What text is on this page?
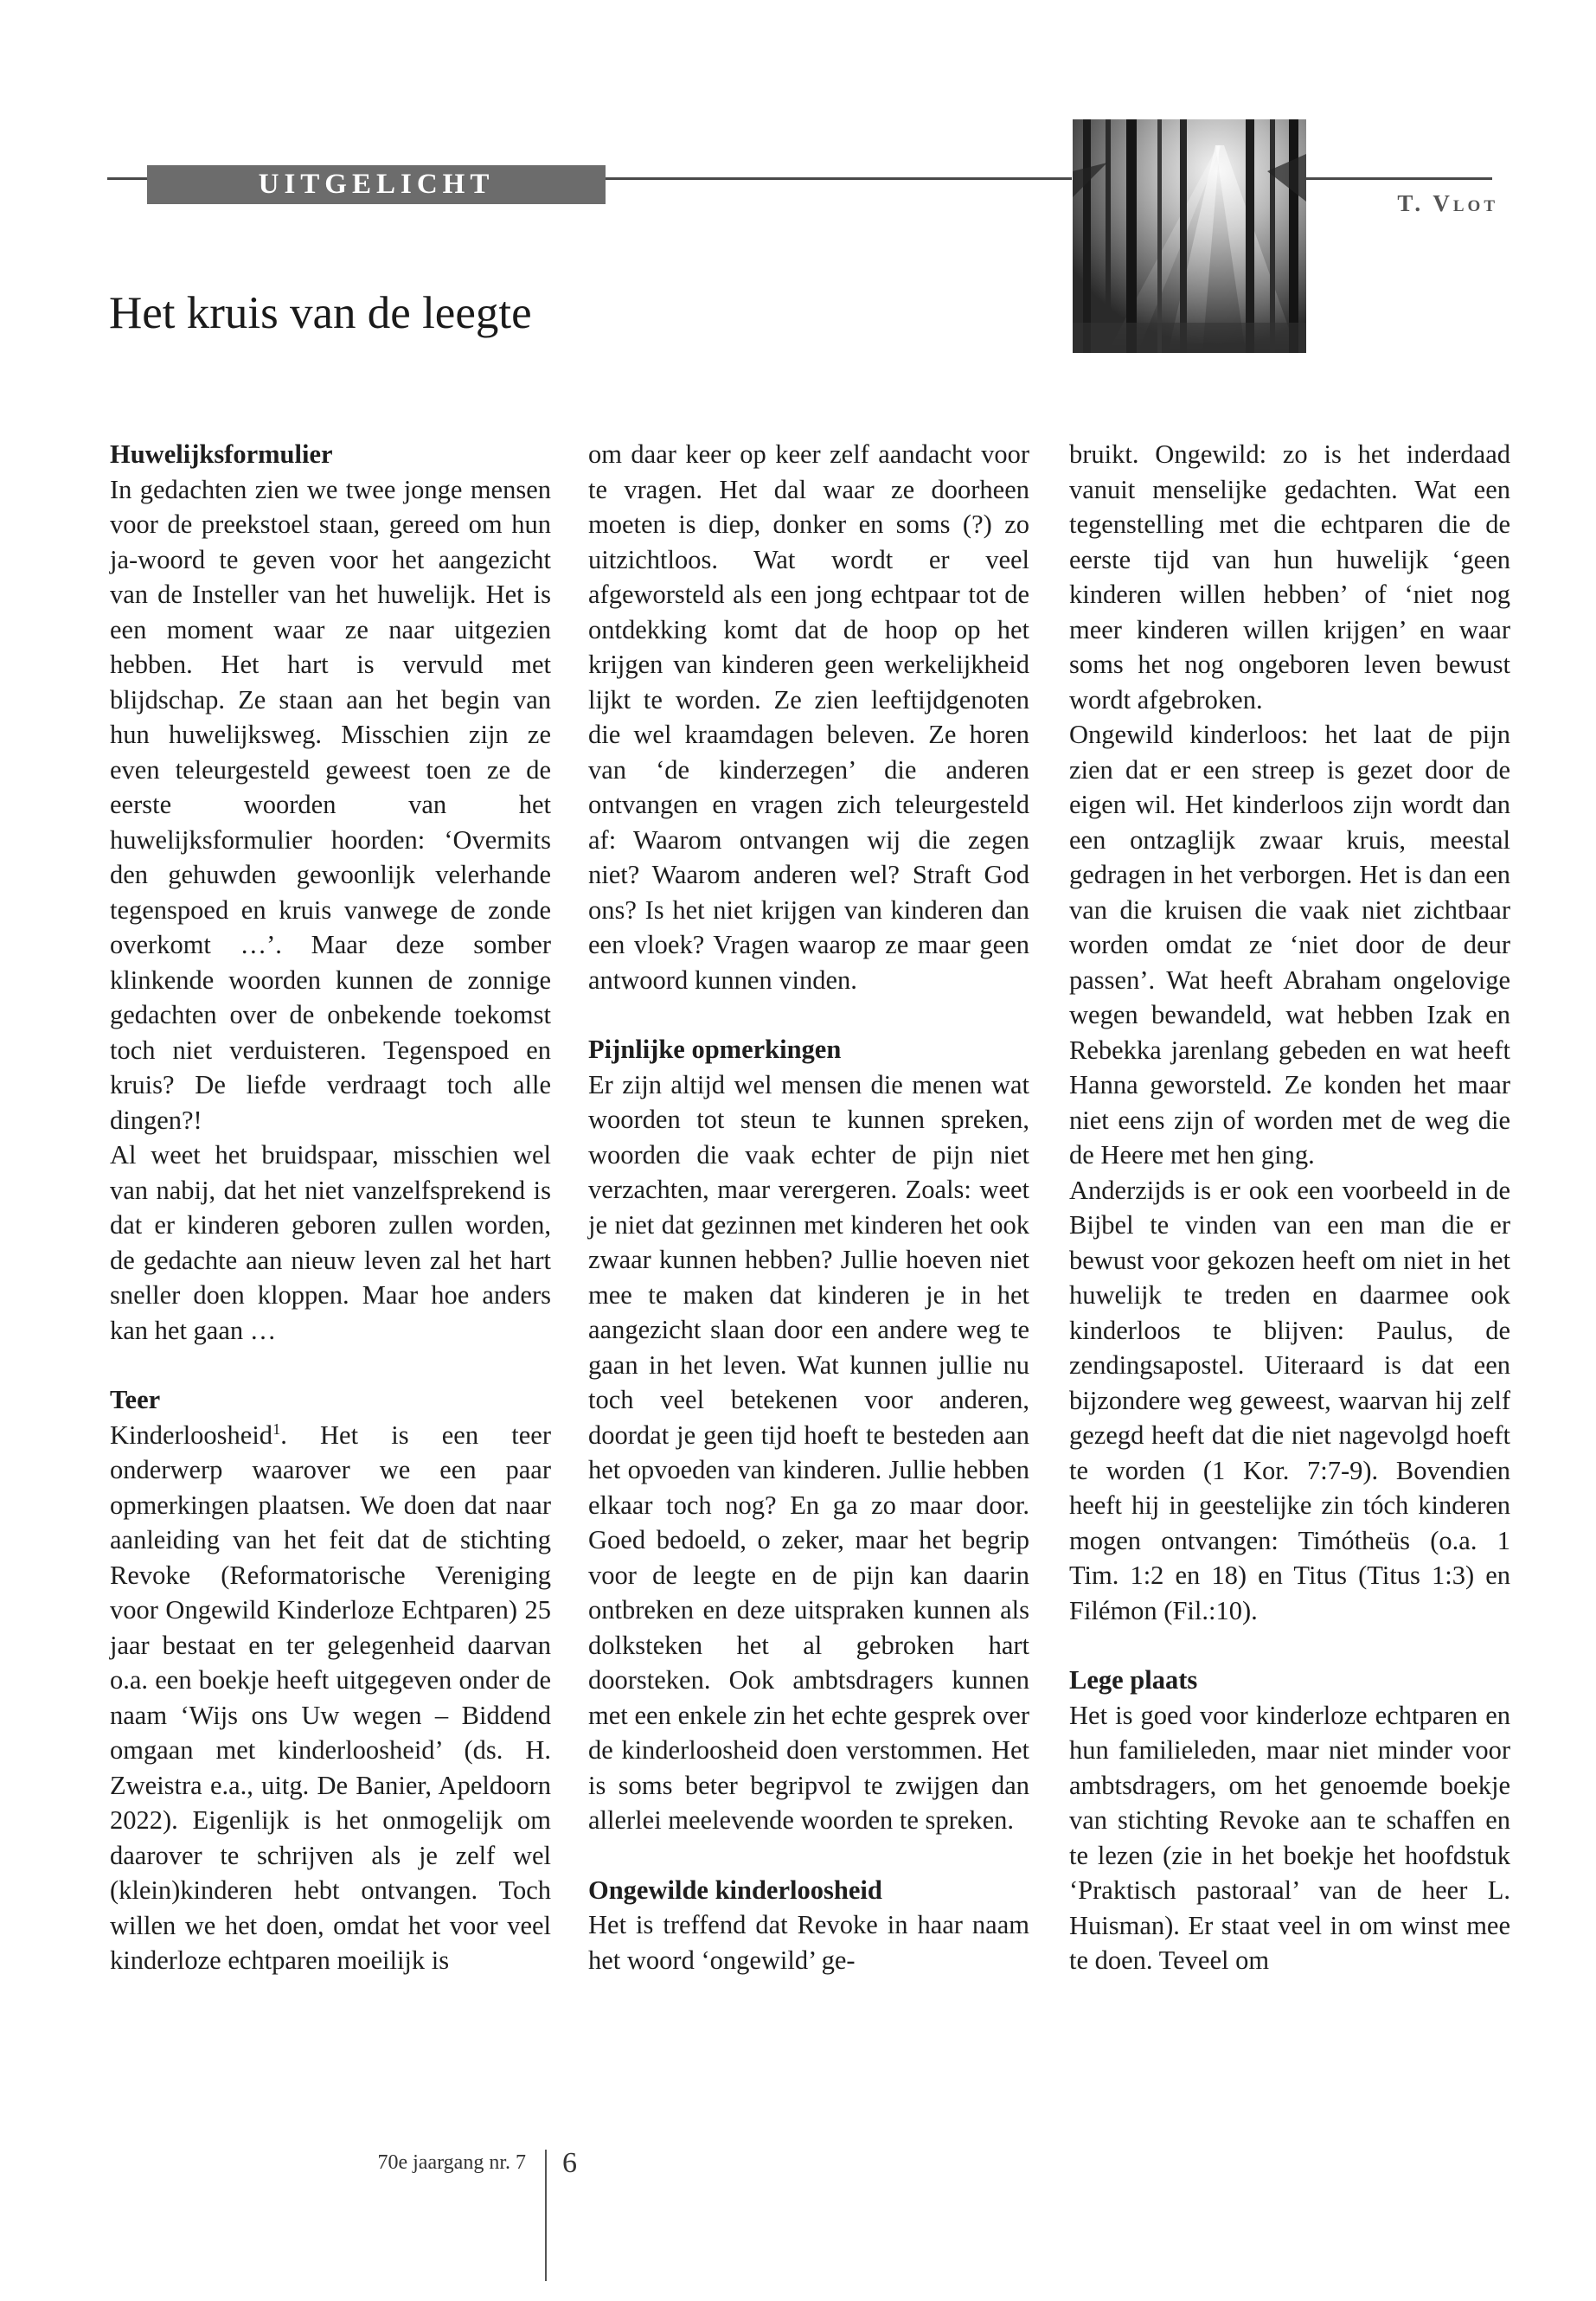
UITGELICHT
T. Vlot
Het kruis van de leegte
Huwelijksformulier

In gedachten zien we twee jonge mensen voor de preekstoel staan, gereed om hun ja-woord te geven voor het aangezicht van de Insteller van het huwelijk. Het is een moment waar ze naar uitgezien hebben. Het hart is vervuld met blijdschap. Ze staan aan het begin van hun huwelijksweg. Misschien zijn ze even teleurgesteld geweest toen ze de eerste woorden van het huwelijksformulier hoorden: ‘Overmits den gehuwden gewoonlijk velerhande tegenspoed en kruis vanwege de zonde overkomt …’. Maar deze somber klinkende woorden kunnen de zonnige gedachten over de onbekende toekomst toch niet verduisteren. Tegenspoed en kruis? De liefde verdraagt toch alle dingen?!

Al weet het bruidspaar, misschien wel van nabij, dat het niet vanzelfsprekend is dat er kinderen geboren zullen worden, de gedachte aan nieuw leven zal het hart sneller doen kloppen. Maar hoe anders kan het gaan …

Teer

Kinderloosheid$^1$. Het is een teer onderwerp waarover we een paar opmerkingen plaatsen. We doen dat naar aanleiding van het feit dat de stichting Revoke (Reformatorische Vereniging voor Ongewild Kinderloze Echtparen) 25 jaar bestaat en ter gelegenheid daarvan o.a. een boekje heeft uitgegeven onder de naam ‘Wijs ons Uw wegen – Biddend omgaan met kinderloosheid’ (ds. H. Zweistra e.a., uitg. De Banier, Apeldoorn 2022). Eigenlijk is het onmogelijk om daarover te schrijven als je zelf wel (klein)kinderen hebt ontvangen. Toch willen we het doen, omdat het voor veel kinderloze echtparen moeilijk is

om daar keer op keer zelf aandacht voor te vragen. Het dal waar ze doorheen moeten is diep, donker en soms (?) zo uitzichtloos. Wat wordt er veel afgeworsteld als een jong echtpaar tot de ontdekking komt dat de hoop op het krijgen van kinderen geen werkelijkheid lijkt te worden. Ze zien leeftijdgenoten die wel kraamdagen beleven. Ze horen van ‘de kinderzegen’ die anderen ontvangen en vragen zich teleurgesteld af: Waarom ontvangen wij die zegen niet? Waarom anderen wel? Straft God ons? Is het niet krijgen van kinderen dan een vloek? Vragen waarop ze maar geen antwoord kunnen vinden.

Pijnlijke opmerkingen

Er zijn altijd wel mensen die menen wat woorden tot steun te kunnen spreken, woorden die vaak echter de pijn niet verzachten, maar verergeren. Zoals: weet je niet dat gezinnen met kinderen het ook zwaar kunnen hebben? Jullie hoeven niet mee te maken dat kinderen je in het aangezicht slaan door een andere weg te gaan in het leven. Wat kunnen jullie nu toch veel betekenen voor anderen, doordat je geen tijd hoeft te besteden aan het opvoeden van kinderen. Jullie hebben elkaar toch nog? En ga zo maar door. Goed bedoeld, o zeker, maar het begrip voor de leegte en de pijn kan daarin ontbreken en deze uitspraken kunnen als dolksteken het al gebroken hart doorsteken. Ook ambtsdragers kunnen met een enkele zin het echte gesprek over de kinderloosheid doen verstommen. Het is soms beter begripvol te zwijgen dan allerlei meelevende woorden te spreken.

Ongewilde kinderloosheid

Het is treffend dat Revoke in haar naam het woord ‘ongewild’ ge-

bruikt. Ongewild: zo is het inderdaad vanuit menselijke gedachten. Wat een tegenstelling met die echtparen die de eerste tijd van hun huwelijk ‘geen kinderen willen hebben’ of ‘niet nog meer kinderen willen krijgen’ en waar soms het nog ongeboren leven bewust wordt afgebroken.

Ongewild kinderloos: het laat de pijn zien dat er een streep is gezet door de eigen wil. Het kinderloos zijn wordt dan een ontzaglijk zwaar kruis, meestal gedragen in het verborgen. Het is dan een van die kruisen die vaak niet zichtbaar worden omdat ze ‘niet door de deur passen’. Wat heeft Abraham ongelovige wegen bewandeld, wat hebben Izak en Rebekka jarenlang gebeden en wat heeft Hanna geworsteld. Ze konden het maar niet eens zijn of worden met de weg die de Heere met hen ging.

Anderzijds is er ook een voorbeeld in de Bijbel te vinden van een man die er bewust voor gekozen heeft om niet in het huwelijk te treden en daarmee ook kinderloos te blijven: Paulus, de zendingsapostel. Uiteraard is dat een bijzondere weg geweest, waarvan hij zelf gezegd heeft dat die niet nagevolgd hoeft te worden (1 Kor. 7:7-9). Bovendien heeft hij in geestelijke zin tóch kinderen mogen ontvangen: Timótheüs (o.a. 1 Tim. 1:2 en 18) en Titus (Titus 1:3) en Filémon (Fil.:10).

Lege plaats

Het is goed voor kinderloze echtparen en hun familieleden, maar niet minder voor ambtsdragers, om het genoemde boekje van stichting Revoke aan te schaffen en te lezen (zie in het boekje het hoofdstuk ‘Praktisch pastoraal’ van de heer L. Huisman). Er staat veel in om winst mee te doen. Teveel om

70e jaargang nr. 7 6
